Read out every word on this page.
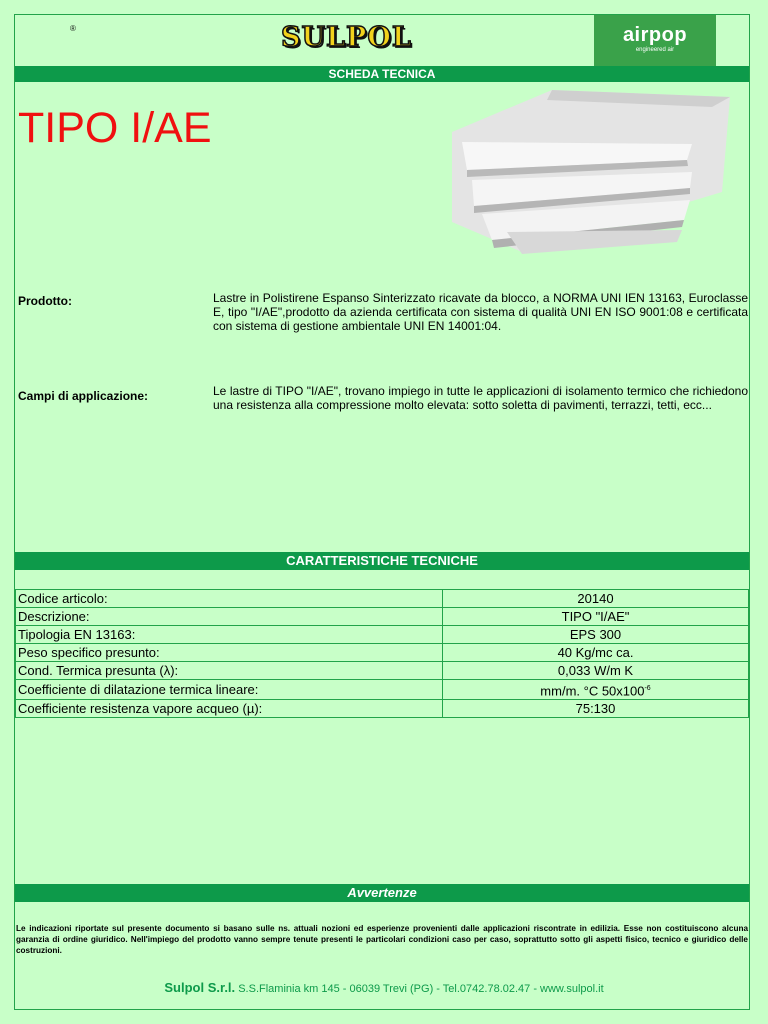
SULPOL
®	airpop
engineered air
SCHEDA TECNICA
TIPO I/AE
Prodotto:	Lastre in Polistirene Espanso Sinterizzato ricavate da blocco, a NORMA UNI IEN 13163, Euroclasse E, tipo "I/AE",prodotto da azienda certificata con sistema di qualità UNI EN ISO 9001:08 e certificata con sistema di gestione ambientale UNI EN 14001:04.
Campi di applicazione:	Le lastre di TIPO "I/AE", trovano impiego in tutte le applicazioni di isolamento termico che richiedono una resistenza alla compressione molto elevata: sotto soletta di pavimenti, terrazzi, tetti, ecc...
CARATTERISTICHE TECNICHE
Codice articolo:	20140
Descrizione:	TIPO "I/AE"
Tipologia EN 13163:	EPS 300
Peso specifico presunto:	40 Kg/mc ca.
Cond. Termica presunta (λ):	0,033 W/m K
Coefficiente di dilatazione termica lineare:	mm/m. °C $50x100^{-6}$
Coefficiente resistenza vapore acqueo (µ):	75:130
Avvertenze
Le indicazioni riportate sul presente documento si basano sulle ns. attuali nozioni ed esperienze provenienti dalle applicazioni riscontrate in edilizia. Esse non costituiscono alcuna garanzia di ordine giuridico. Nell'impiego del prodotto vanno sempre tenute presenti le particolari condizioni caso per caso, soprattutto sotto gli aspetti fisico, tecnico e giuridico delle costruzioni.
Sulpol S.r.l. S.S.Flaminia km 145 - 06039 Trevi (PG) - Tel.0742.78.02.47 - www.sulpol.it
